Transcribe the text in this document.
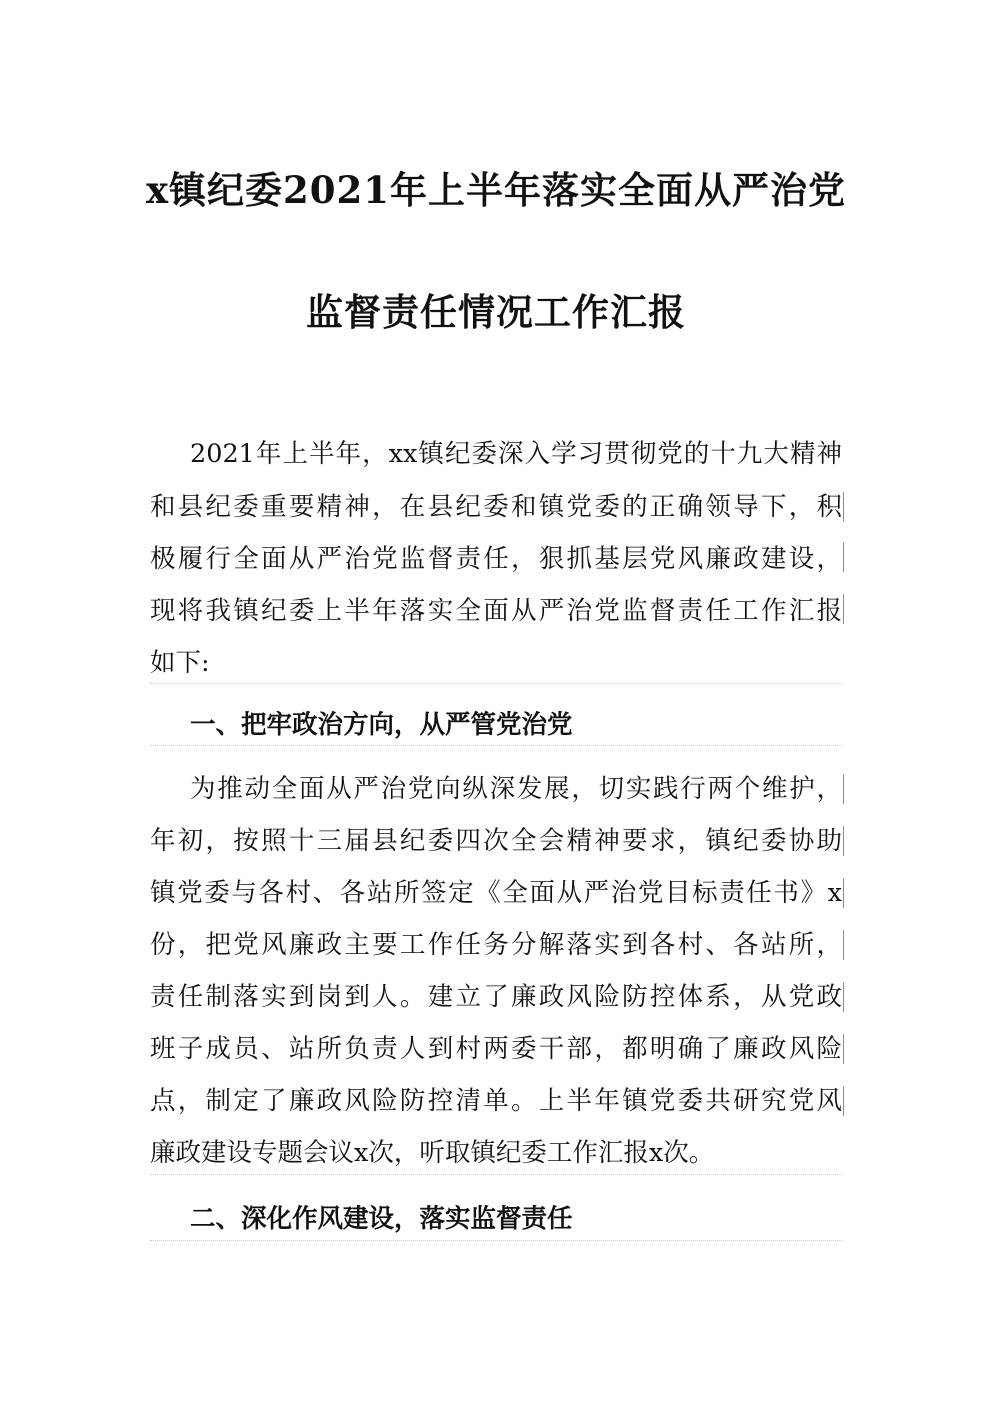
x镇纪委2021年上半年落实全面从严治党
监督责任情况工作汇报
2021年上半年，xx镇纪委深入学习贯彻党的十九大精神
和县纪委重要精神，在县纪委和镇党委的正确领导下，积
极履行全面从严治党监督责任，狠抓基层党风廉政建设，
现将我镇纪委上半年落实全面从严治党监督责任工作汇报
如下:
一、把牢政治方向，从严管党治党
为推动全面从严治党向纵深发展，切实践行两个维护，
年初，按照十三届县纪委四次全会精神要求，镇纪委协助
镇党委与各村、各站所签定《全面从严治党目标责任书》x
份，把党风廉政主要工作任务分解落实到各村、各站所，
责任制落实到岗到人。建立了廉政风险防控体系，从党政
班子成员、站所负责人到村两委干部，都明确了廉政风险
点，制定了廉政风险防控清单。上半年镇党委共研究党风
廉政建设专题会议x次，听取镇纪委工作汇报x次。
二、深化作风建设，落实监督责任
